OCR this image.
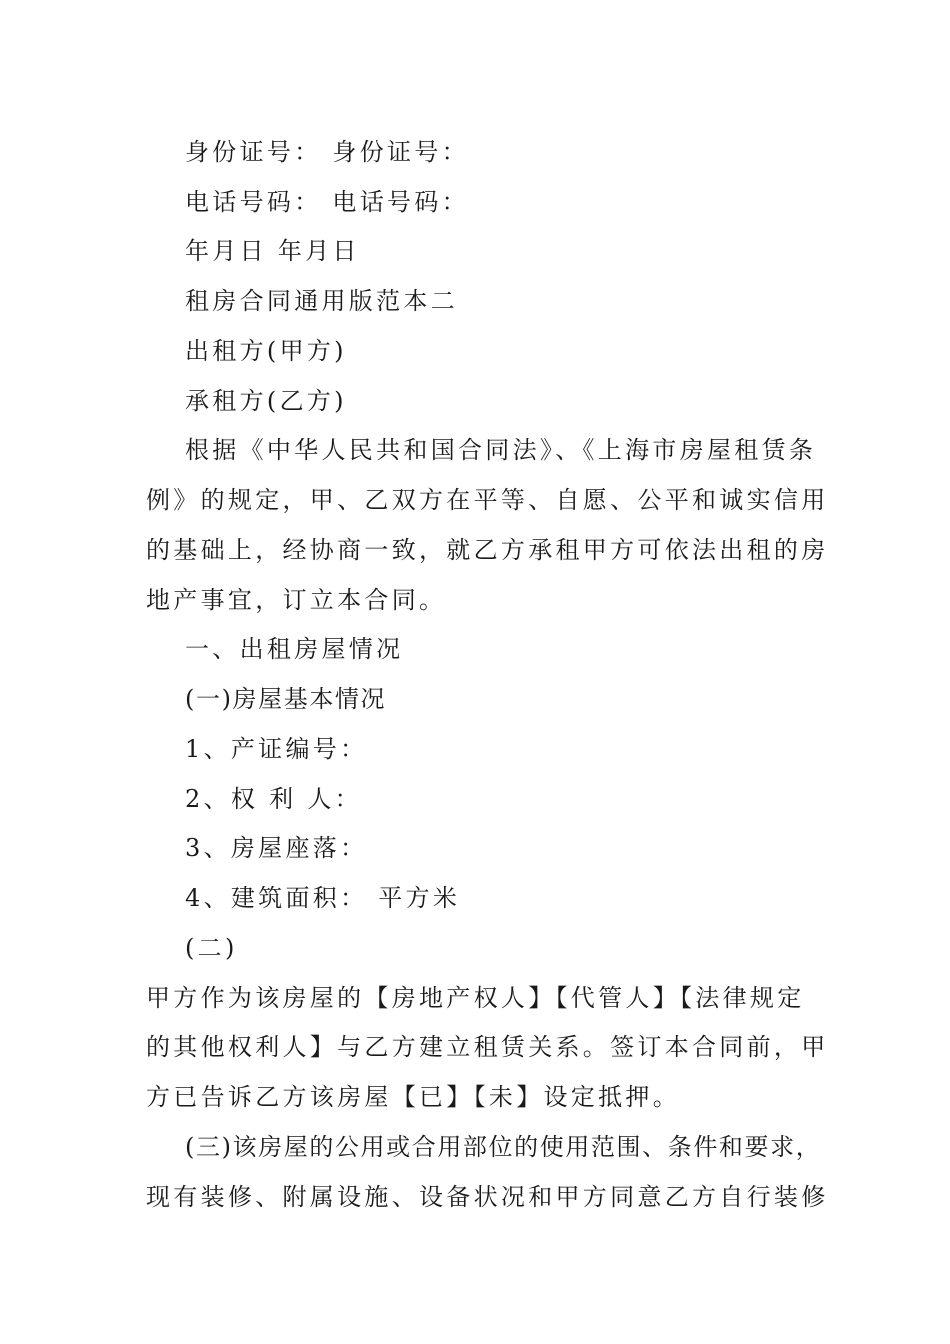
身份证号： 身份证号：
电话号码： 电话号码：
年月日 年月日
租房合同通用版范本二
出租方(甲方)
承租方(乙方)
根据《中华人民共和国合同法》、《上海市房屋租赁条
例》的规定，甲、乙双方在平等、自愿、公平和诚实信用
的基础上，经协商一致，就乙方承租甲方可依法出租的房
地产事宜，订立本合同。
一、出租房屋情况
(一)房屋基本情况
1、产证编号：
2、权 利 人：
3、房屋座落：
4、建筑面积： 平方米
(二)
甲方作为该房屋的【房地产权人】【代管人】【法律规定
的其他权利人】与乙方建立租赁关系。签订本合同前，甲
方已告诉乙方该房屋【已】【未】设定抵押。
(三)该房屋的公用或合用部位的使用范围、条件和要求，
现有装修、附属设施、设备状况和甲方同意乙方自行装修
